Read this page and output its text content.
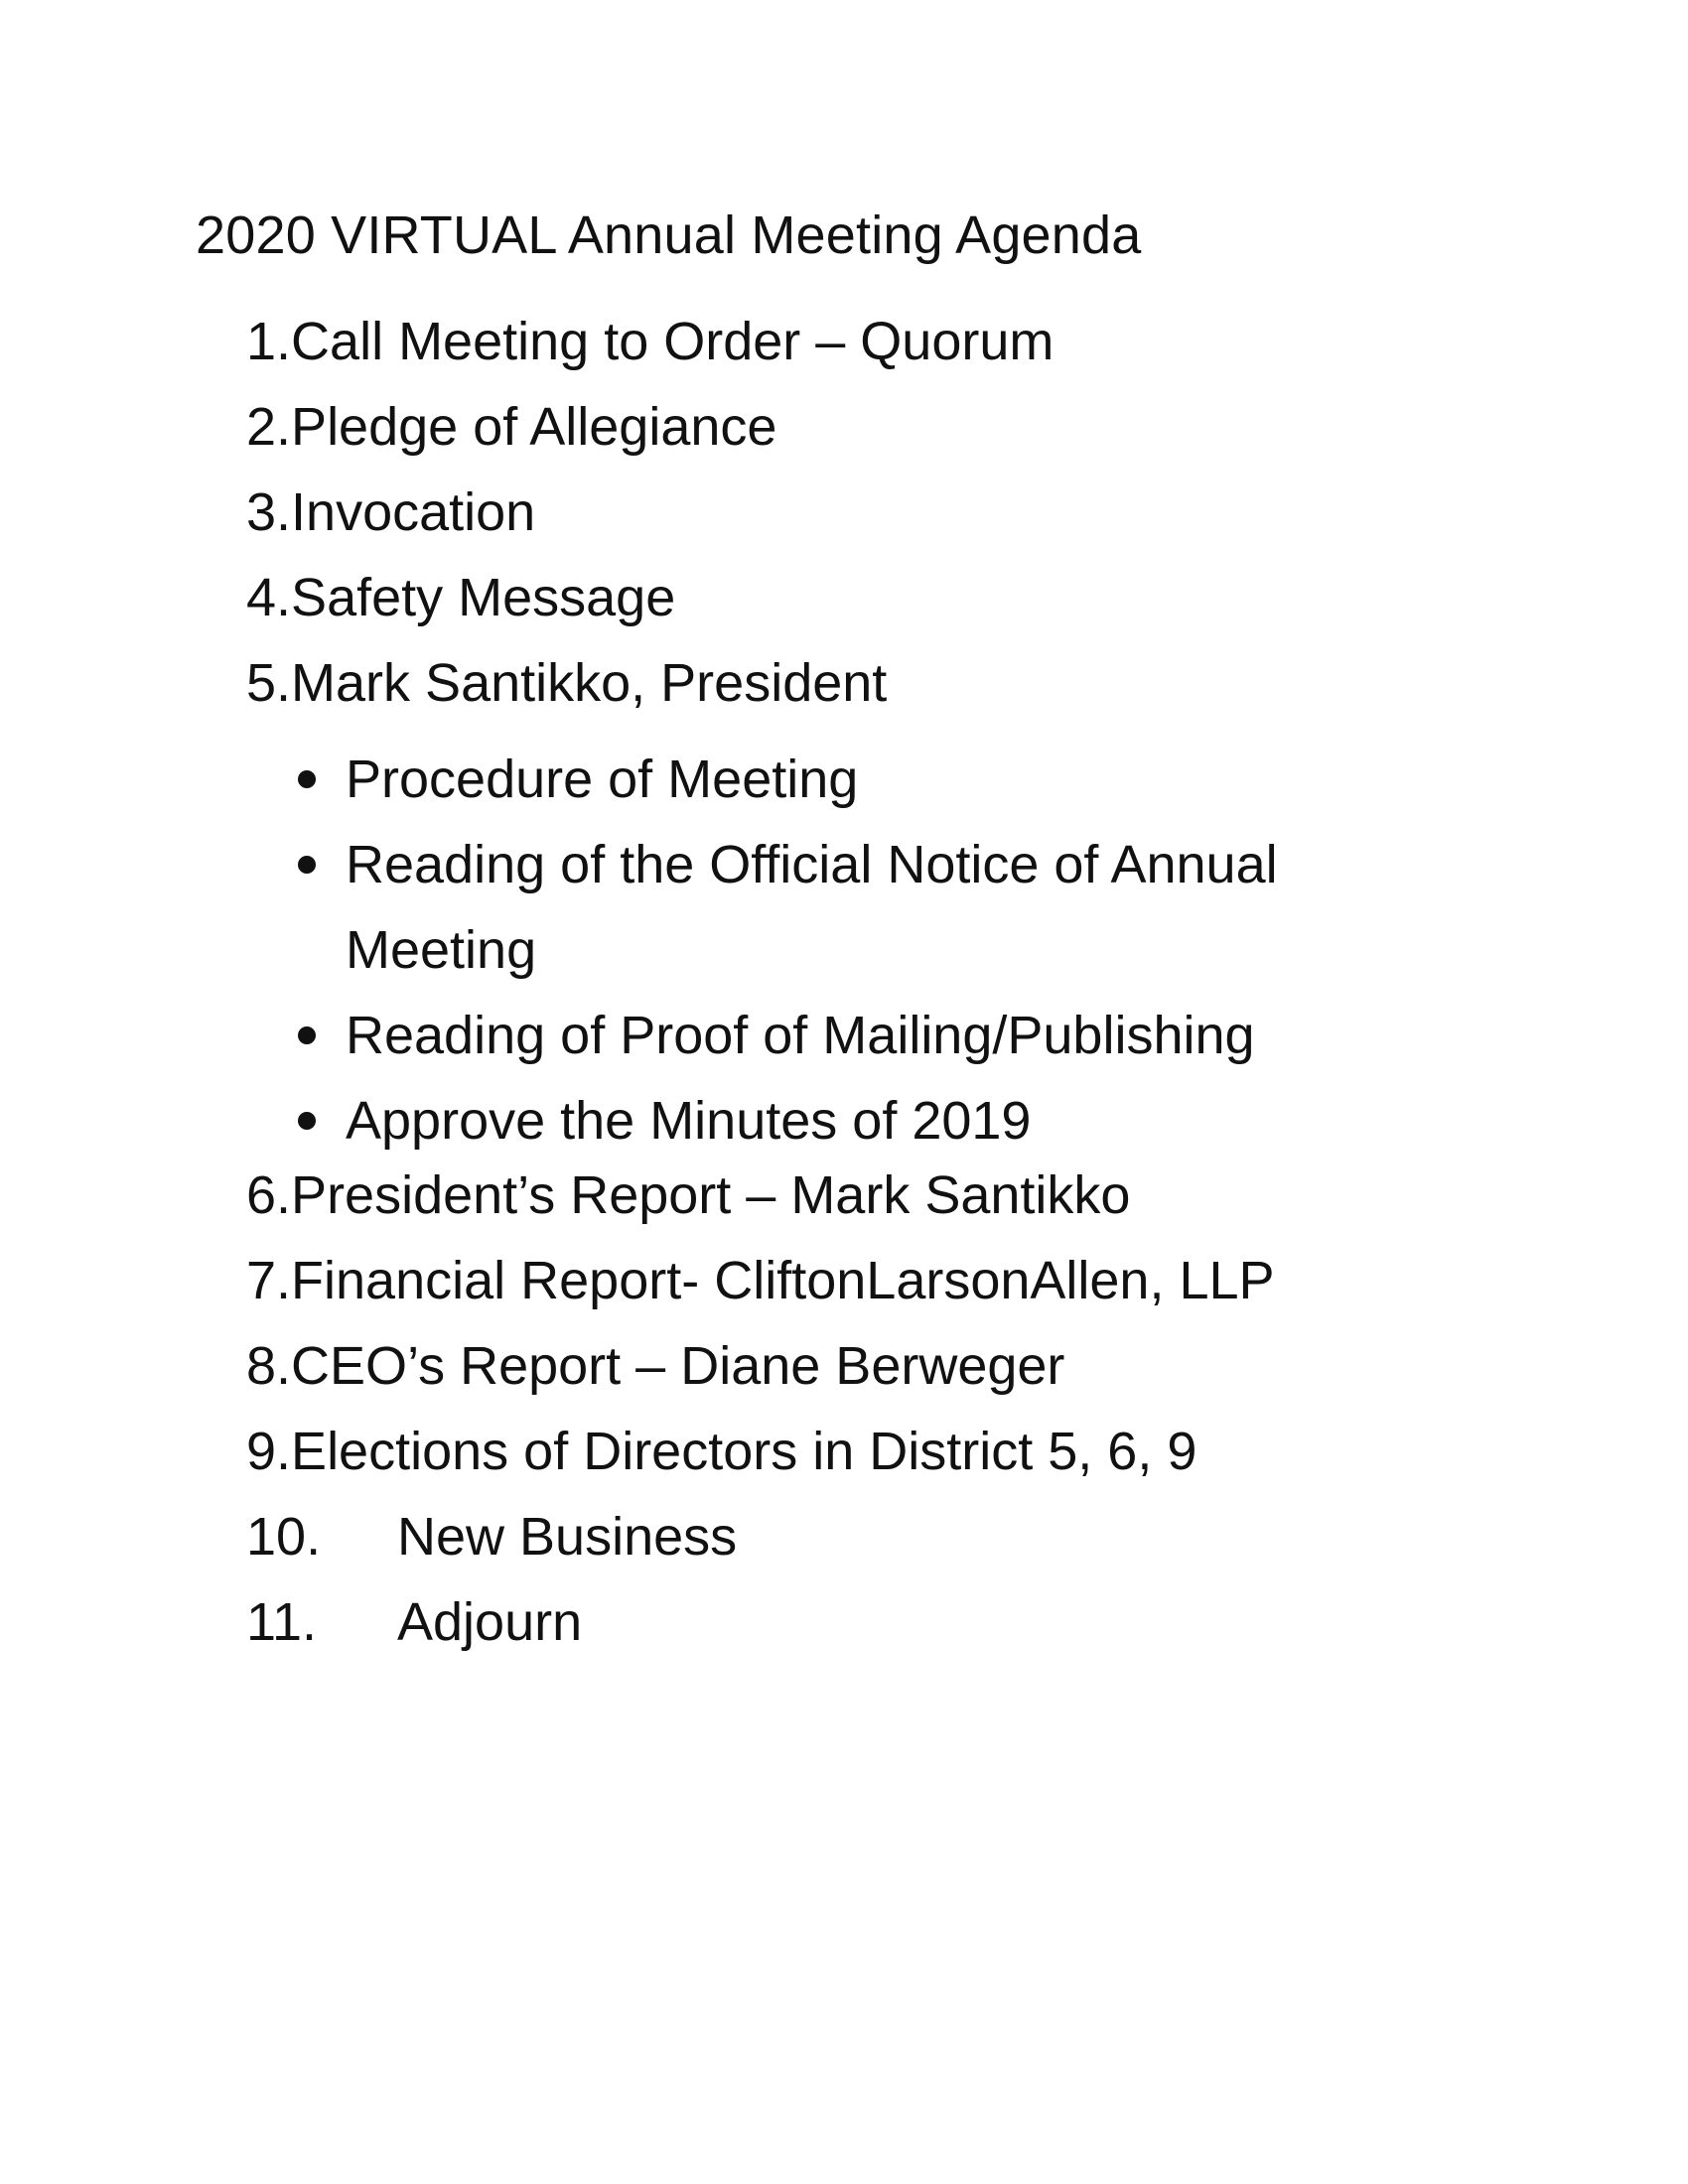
2020 VIRTUAL Annual Meeting Agenda
1.Call Meeting to Order – Quorum
2.Pledge of Allegiance
3.Invocation
4.Safety Message
5.Mark Santikko, President
Procedure of Meeting
Reading of the Official Notice of Annual Meeting
Reading of Proof of Mailing/Publishing
Approve the Minutes of 2019
6.President’s Report – Mark Santikko
7.Financial Report- CliftonLarsonAllen, LLP
8.CEO’s Report – Diane Berweger
9.Elections of Directors in District 5, 6, 9
10. New Business
11. Adjourn
